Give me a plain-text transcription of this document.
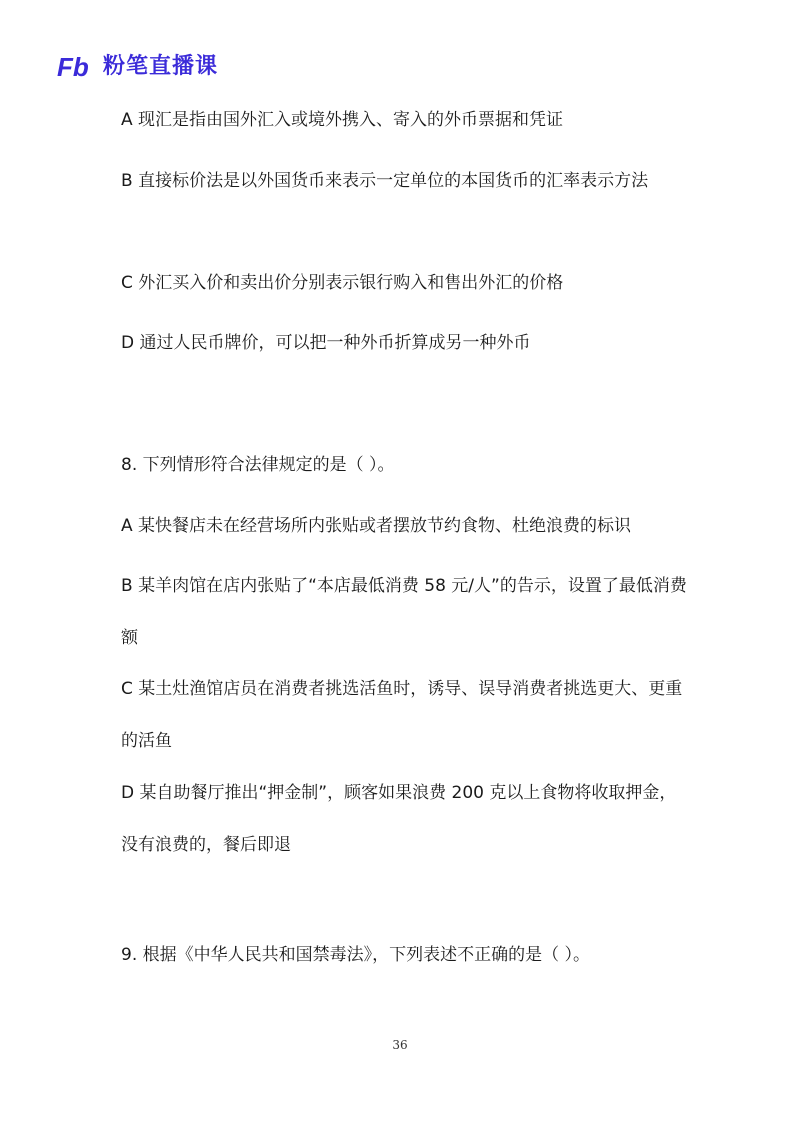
Fb 粉笔直播课

A 现汇是指由国外汇入或境外携入、寄入的外币票据和凭证

B 直接标价法是以外国货币来表示一定单位的本国货币的汇率表示方法

C 外汇买入价和卖出价分别表示银行购入和售出外汇的价格

D 通过人民币牌价，可以把一种外币折算成另一种外币

8. 下列情形符合法律规定的是（ ）。

A 某快餐店未在经营场所内张贴或者摆放节约食物、杜绝浪费的标识

B 某羊肉馆在店内张贴了“本店最低消费 58 元/人”的告示，设置了最低消费额

C 某土灶渔馆店员在消费者挑选活鱼时，诱导、误导消费者挑选更大、更重的活鱼

D 某自助餐厅推出“押金制”，顾客如果浪费 200 克以上食物将收取押金，没有浪费的，餐后即退

9. 根据《中华人民共和国禁毒法》，下列表述不正确的是（ ）。

36
